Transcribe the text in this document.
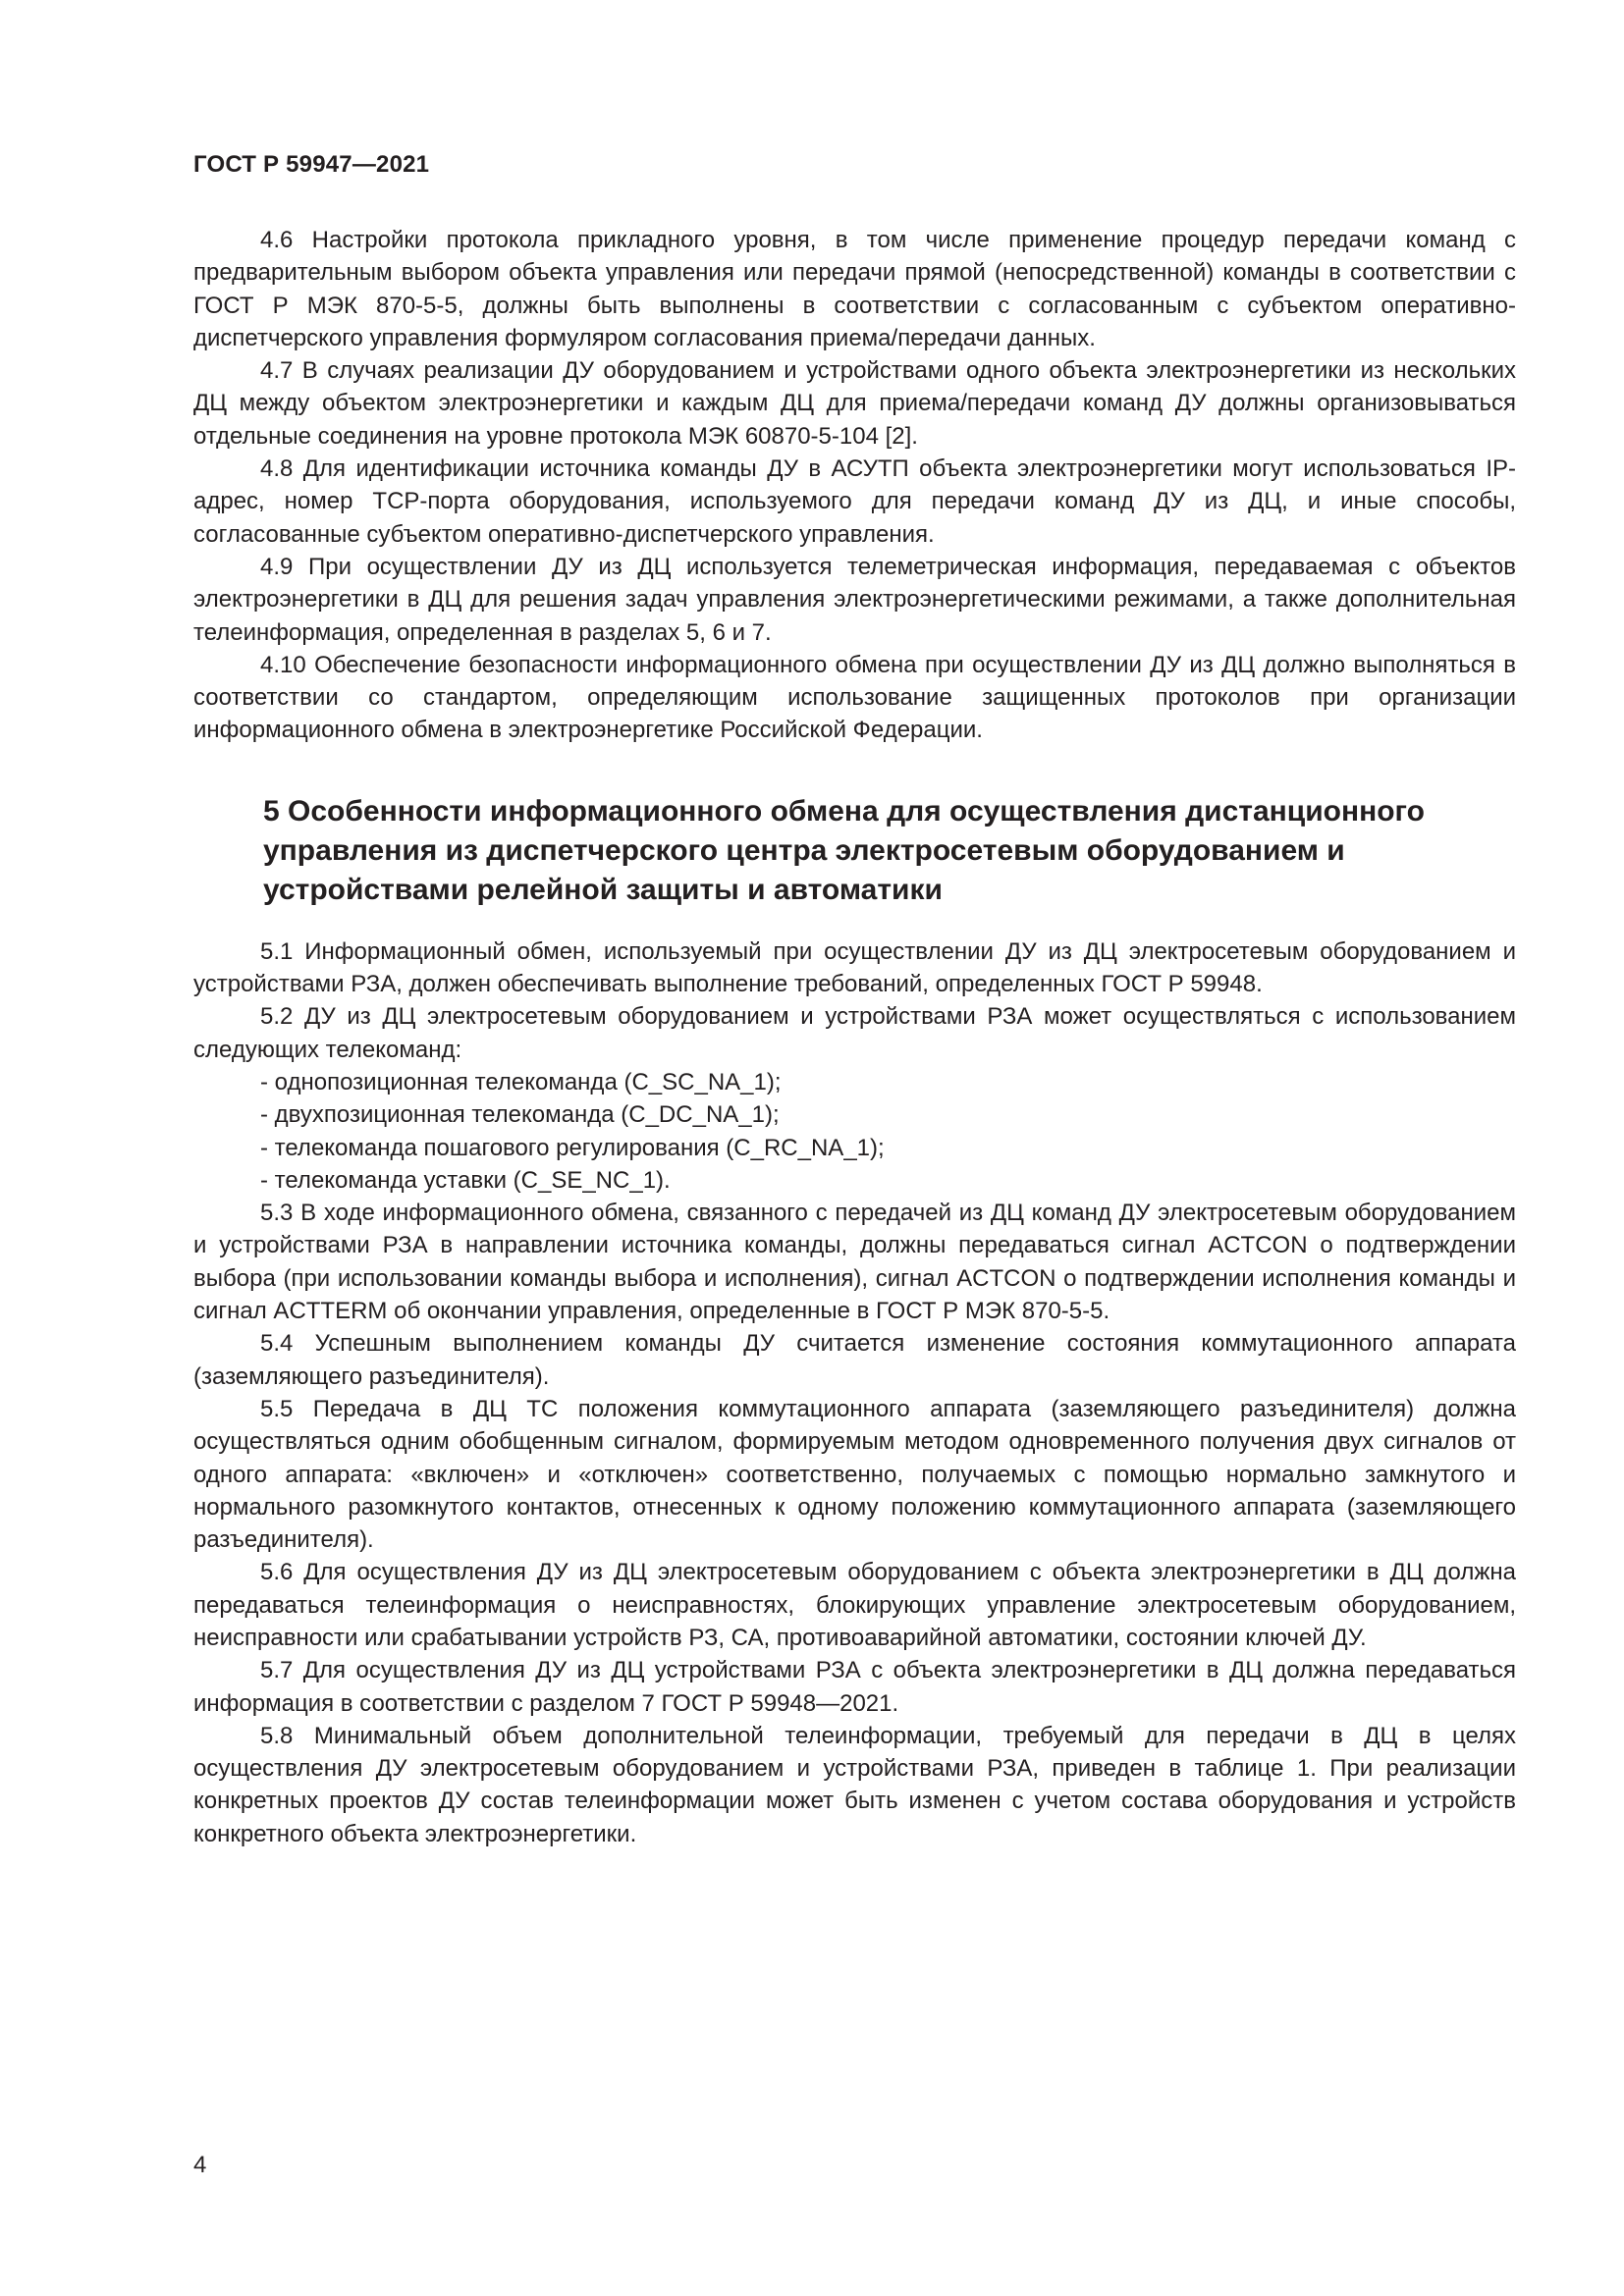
ГОСТ Р 59947—2021

4.6 Настройки протокола прикладного уровня, в том числе применение процедур передачи команд с предварительным выбором объекта управления или передачи прямой (непосредственной) команды в соответствии с ГОСТ Р МЭК 870-5-5, должны быть выполнены в соответствии с согласованным с субъектом оперативно-диспетчерского управления формуляром согласования приема/передачи данных.

4.7 В случаях реализации ДУ оборудованием и устройствами одного объекта электроэнергетики из нескольких ДЦ между объектом электроэнергетики и каждым ДЦ для приема/передачи команд ДУ должны организовываться отдельные соединения на уровне протокола МЭК 60870-5-104 [2].

4.8 Для идентификации источника команды ДУ в АСУТП объекта электроэнергетики могут использоваться IP-адрес, номер TCP-порта оборудования, используемого для передачи команд ДУ из ДЦ, и иные способы, согласованные субъектом оперативно-диспетчерского управления.

4.9 При осуществлении ДУ из ДЦ используется телеметрическая информация, передаваемая с объектов электроэнергетики в ДЦ для решения задач управления электроэнергетическими режимами, а также дополнительная телеинформация, определенная в разделах 5, 6 и 7.

4.10 Обеспечение безопасности информационного обмена при осуществлении ДУ из ДЦ должно выполняться в соответствии со стандартом, определяющим использование защищенных протоколов при организации информационного обмена в электроэнергетике Российской Федерации.

5 Особенности информационного обмена для осуществления дистанционного управления из диспетчерского центра электросетевым оборудованием и устройствами релейной защиты и автоматики

5.1 Информационный обмен, используемый при осуществлении ДУ из ДЦ электросетевым оборудованием и устройствами РЗА, должен обеспечивать выполнение требований, определенных ГОСТ Р 59948.

5.2 ДУ из ДЦ электросетевым оборудованием и устройствами РЗА может осуществляться с использованием следующих телекоманд:

- однопозиционная телекоманда (C_SC_NA_1);

- двухпозиционная телекоманда (C_DC_NA_1);

- телекоманда пошагового регулирования (C_RC_NA_1);

- телекоманда уставки (C_SE_NC_1).

5.3 В ходе информационного обмена, связанного с передачей из ДЦ команд ДУ электросетевым оборудованием и устройствами РЗА в направлении источника команды, должны передаваться сигнал ACTCON о подтверждении выбора (при использовании команды выбора и исполнения), сигнал ACTCON о подтверждении исполнения команды и сигнал ACTTERM об окончании управления, определенные в ГОСТ Р МЭК 870-5-5.

5.4 Успешным выполнением команды ДУ считается изменение состояния коммутационного аппарата (заземляющего разъединителя).

5.5 Передача в ДЦ ТС положения коммутационного аппарата (заземляющего разъединителя) должна осуществляться одним обобщенным сигналом, формируемым методом одновременного получения двух сигналов от одного аппарата: «включен» и «отключен» соответственно, получаемых с помощью нормально замкнутого и нормального разомкнутого контактов, отнесенных к одному положению коммутационного аппарата (заземляющего разъединителя).

5.6 Для осуществления ДУ из ДЦ электросетевым оборудованием с объекта электроэнергетики в ДЦ должна передаваться телеинформация о неисправностях, блокирующих управление электросетевым оборудованием, неисправности или срабатывании устройств РЗ, СА, противоаварийной автоматики, состоянии ключей ДУ.

5.7 Для осуществления ДУ из ДЦ устройствами РЗА с объекта электроэнергетики в ДЦ должна передаваться информация в соответствии с разделом 7 ГОСТ Р 59948—2021.

5.8 Минимальный объем дополнительной телеинформации, требуемый для передачи в ДЦ в целях осуществления ДУ электросетевым оборудованием и устройствами РЗА, приведен в таблице 1. При реализации конкретных проектов ДУ состав телеинформации может быть изменен с учетом состава оборудования и устройств конкретного объекта электроэнергетики.

4
